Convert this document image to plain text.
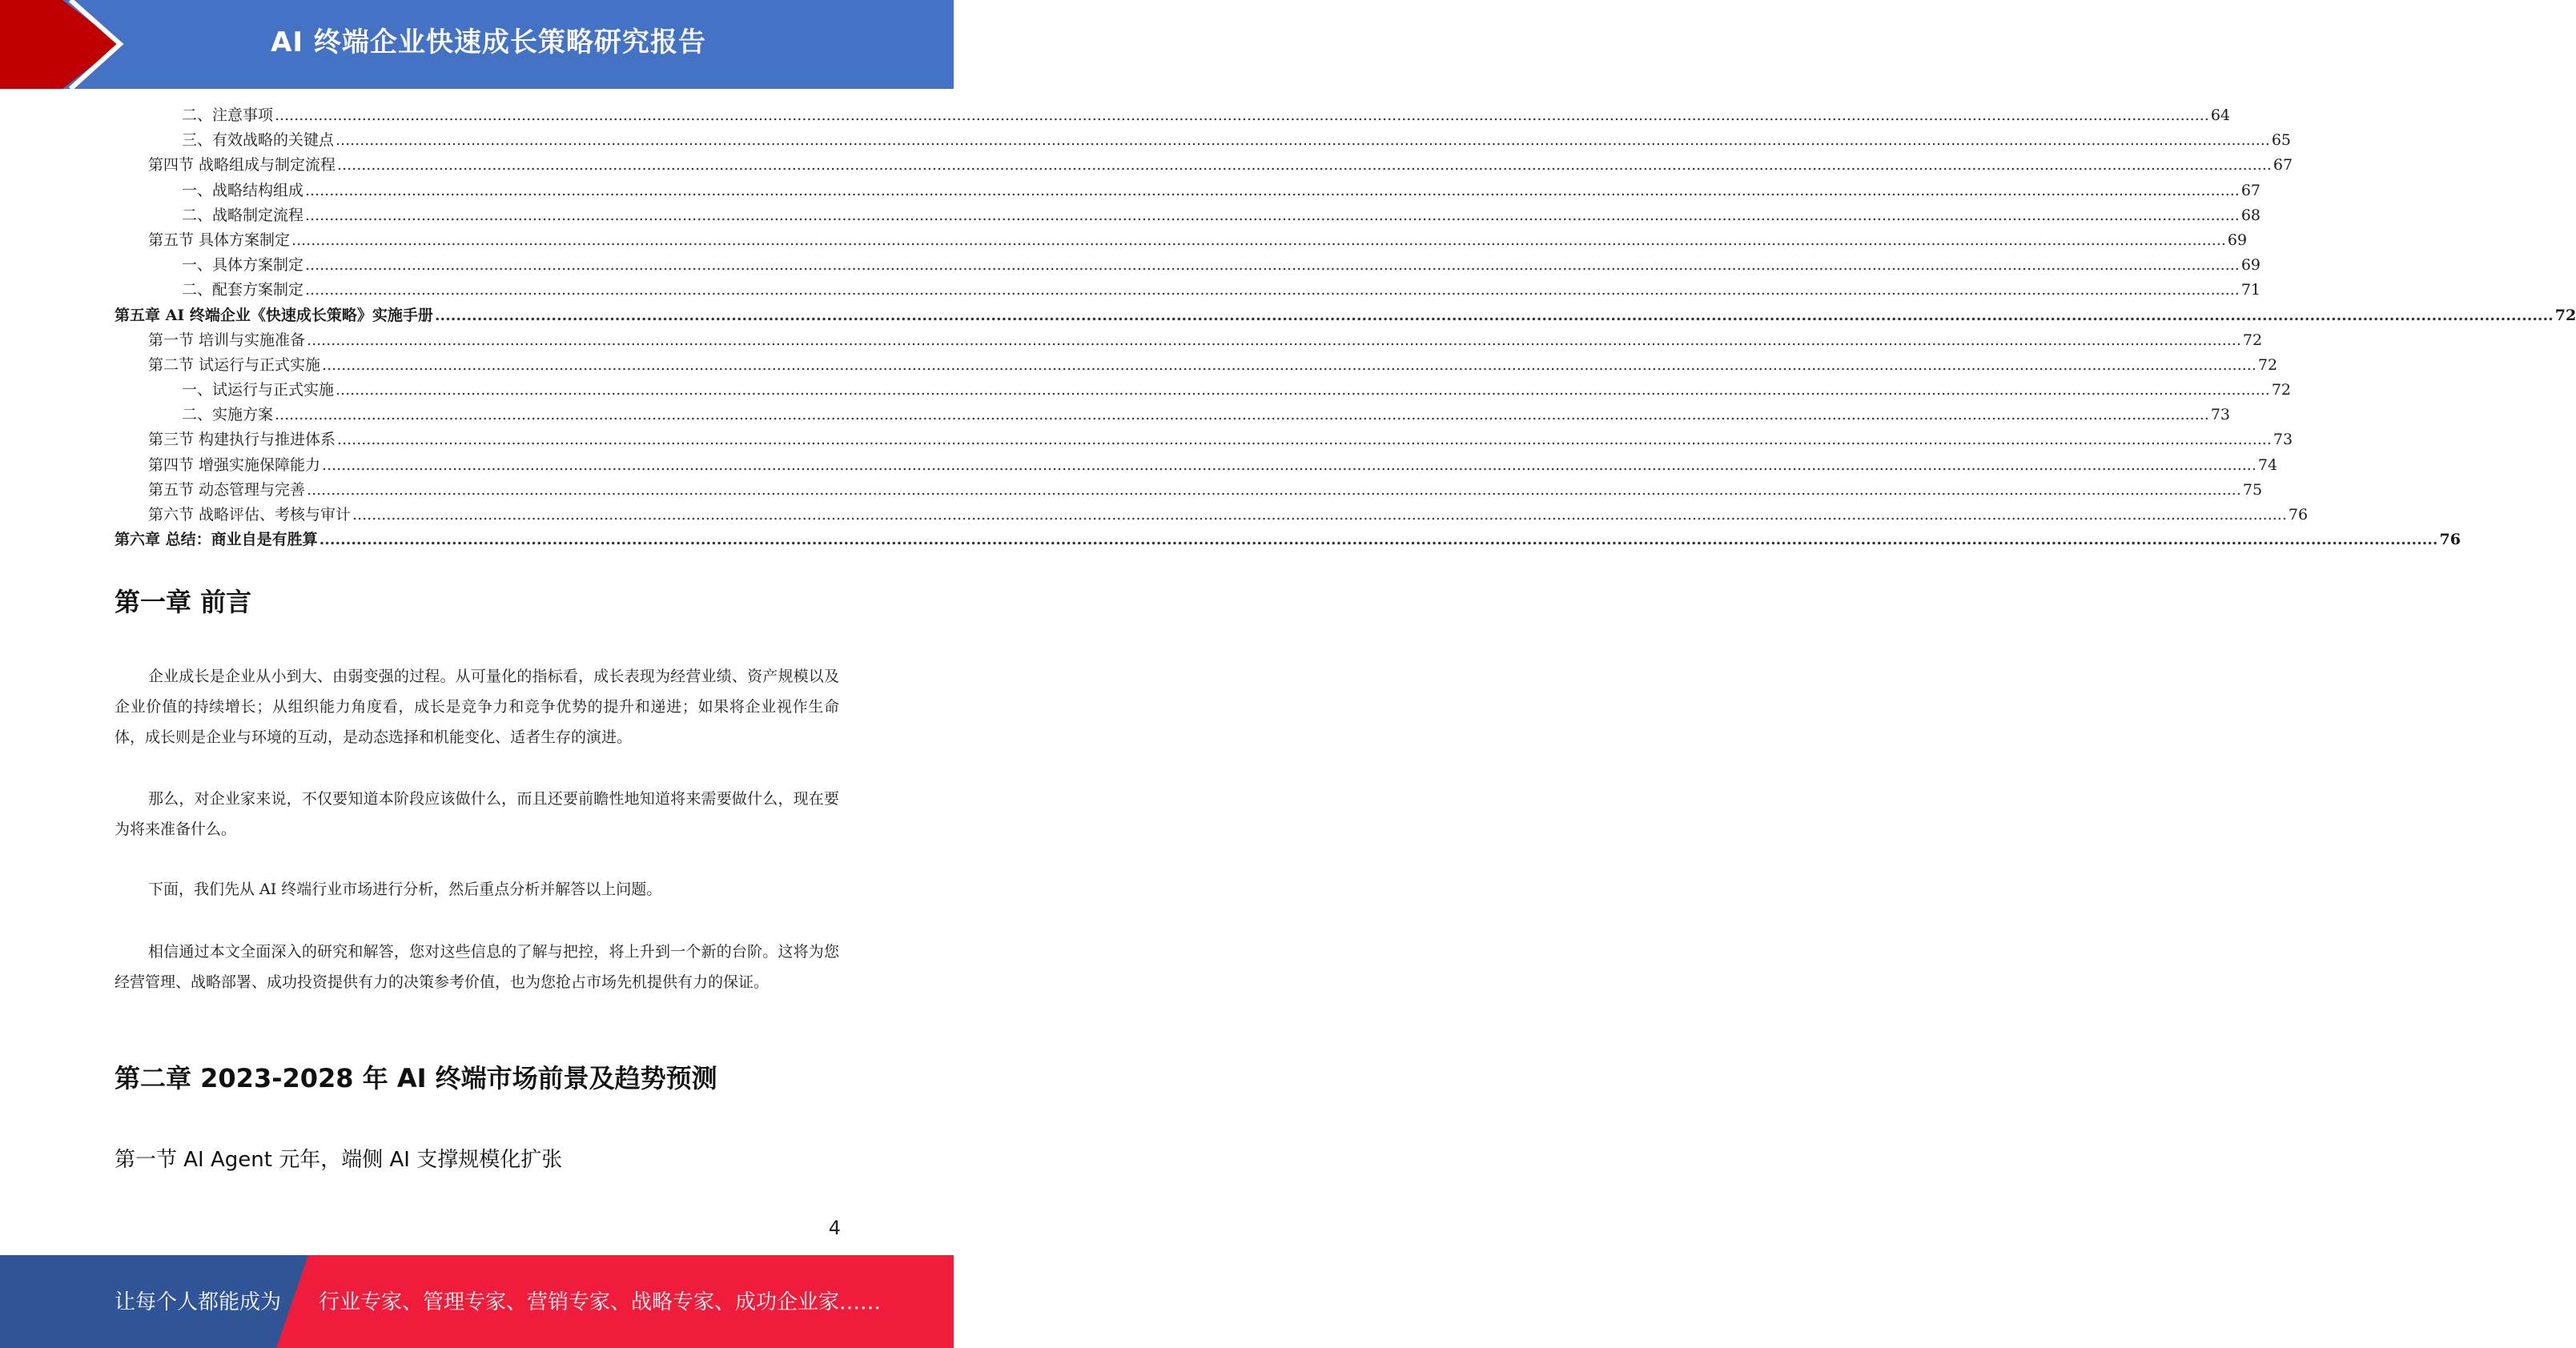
AI 终端企业快速成长策略研究报告
二、注意事项 ................................................................................................................................................................................................................................................................................................................................................................................................................ 64
三、有效战略的关键点 ................................................................................................................................................................................................................................................................................................................................................................................................................ 65
第四节 战略组成与制定流程 ................................................................................................................................................................................................................................................................................................................................................................................................................ 67
一、战略结构组成 ................................................................................................................................................................................................................................................................................................................................................................................................................ 67
二、战略制定流程 ................................................................................................................................................................................................................................................................................................................................................................................................................ 68
第五节 具体方案制定 ................................................................................................................................................................................................................................................................................................................................................................................................................ 69
一、具体方案制定 ................................................................................................................................................................................................................................................................................................................................................................................................................ 69
二、配套方案制定 ................................................................................................................................................................................................................................................................................................................................................................................................................ 71
第五章 AI 终端企业《快速成长策略》实施手册 ................................................................................................................................................................................................................................................................................................................................................................................................................ 72
第一节 培训与实施准备 ................................................................................................................................................................................................................................................................................................................................................................................................................ 72
第二节 试运行与正式实施 ................................................................................................................................................................................................................................................................................................................................................................................................................ 72
一、试运行与正式实施 ................................................................................................................................................................................................................................................................................................................................................................................................................ 72
二、实施方案 ................................................................................................................................................................................................................................................................................................................................................................................................................ 73
第三节 构建执行与推进体系 ................................................................................................................................................................................................................................................................................................................................................................................................................ 73
第四节 增强实施保障能力 ................................................................................................................................................................................................................................................................................................................................................................................................................ 74
第五节 动态管理与完善 ................................................................................................................................................................................................................................................................................................................................................................................................................ 75
第六节 战略评估、考核与审计 ................................................................................................................................................................................................................................................................................................................................................................................................................ 76
第六章 总结：商业自是有胜算 ................................................................................................................................................................................................................................................................................................................................................................................................................ 76
第一章 前言
企业成长是企业从小到大、由弱变强的过程。从可量化的指标看，成长表现为经营业绩、资产规模以及企业价值的持续增长；从组织能力角度看，成长是竞争力和竞争优势的提升和递进；如果将企业视作生命体，成长则是企业与环境的互动，是动态选择和机能变化、适者生存的演进。
那么，对企业家来说，不仅要知道本阶段应该做什么，而且还要前瞻性地知道将来需要做什么，现在要为将来准备什么。
下面，我们先从 AI 终端行业市场进行分析，然后重点分析并解答以上问题。
相信通过本文全面深入的研究和解答，您对这些信息的了解与把控，将上升到一个新的台阶。这将为您经营管理、战略部署、成功投资提供有力的决策参考价值，也为您抢占市场先机提供有力的保证。
第二章 2023-2028 年 AI 终端市场前景及趋势预测
第一节 AI Agent 元年，端侧 AI 支撑规模化扩张
4
让每个人都能成为 行业专家、管理专家、营销专家、战略专家、成功企业家……
